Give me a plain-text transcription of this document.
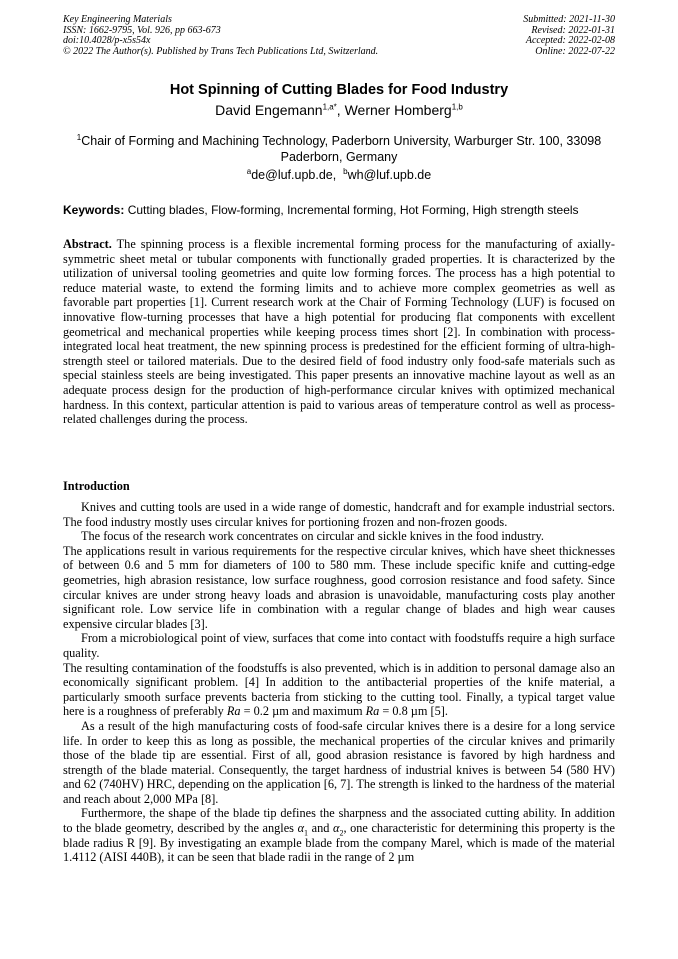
Key Engineering Materials
ISSN: 1662-9795, Vol. 926, pp 663-673
doi:10.4028/p-x5s54x
© 2022 The Author(s). Published by Trans Tech Publications Ltd, Switzerland.
Submitted: 2021-11-30
Revised: 2022-01-31
Accepted: 2022-02-08
Online: 2022-07-22
Hot Spinning of Cutting Blades for Food Industry
David Engemann$^{1,a*}$, Werner Homberg$^{1,b}$
$^1$Chair of Forming and Machining Technology, Paderborn University, Warburger Str. 100, 33098 Paderborn, Germany
$^a$de@luf.upb.de, $^b$wh@luf.upb.de
Keywords: Cutting blades, Flow-forming, Incremental forming, Hot Forming, High strength steels

Abstract. The spinning process is a flexible incremental forming process for the manufacturing of axially-symmetric sheet metal or tubular components with functionally graded properties. It is characterized by the utilization of universal tooling geometries and quite low forming forces. The process has a high potential to reduce material waste, to extend the forming limits and to achieve more complex geometries as well as favorable part properties [1]. Current research work at the Chair of Forming Technology (LUF) is focused on innovative flow-turning processes that have a high potential for producing flat components with excellent geometrical and mechanical properties while keeping process times short [2]. In combination with process-integrated local heat treatment, the new spinning process is predestined for the efficient forming of ultra-high-strength steel or tailored materials. Due to the desired field of food industry only food-safe materials such as special stainless steels are being investigated. This paper presents an innovative machine layout as well as an adequate process design for the production of high-performance circular knives with optimized mechanical hardness. In this context, particular attention is paid to various areas of temperature control as well as process-related challenges during the process.

Introduction

Knives and cutting tools are used in a wide range of domestic, handcraft and for example industrial sectors. The food industry mostly uses circular knives for portioning frozen and non-frozen goods.

The focus of the research work concentrates on circular and sickle knives in the food industry.

The applications result in various requirements for the respective circular knives, which have sheet thicknesses of between 0.6 and 5 mm for diameters of 100 to 580 mm. These include specific knife and cutting-edge geometries, high abrasion resistance, low surface roughness, good corrosion resistance and food safety. Since circular knives are under strong heavy loads and abrasion is unavoidable, manufacturing costs play another significant role. Low service life in combination with a regular change of blades and high wear causes expensive circular blades [3].

From a microbiological point of view, surfaces that come into contact with foodstuffs require a high surface quality.

The resulting contamination of the foodstuffs is also prevented, which is in addition to personal damage also an economically significant problem. [4] In addition to the antibacterial properties of the knife material, a particularly smooth surface prevents bacteria from sticking to the cutting tool. Finally, a typical target value here is a roughness of preferably Ra = 0.2 µm and maximum Ra = 0.8 µm [5].

As a result of the high manufacturing costs of food-safe circular knives there is a desire for a long service life. In order to keep this as long as possible, the mechanical properties of the circular knives and primarily those of the blade tip are essential. First of all, good abrasion resistance is favored by high hardness and strength of the blade material. Consequently, the target hardness of industrial knives is between 54 (580 HV) and 62 (740HV) HRC, depending on the application [6, 7]. The strength is linked to the hardness of the material and reach about 2,000 MPa [8].

Furthermore, the shape of the blade tip defines the sharpness and the associated cutting ability. In addition to the blade geometry, described by the angles $\alpha_1$ and $\alpha_2$, one characteristic for determining this property is the blade radius R [9]. By investigating an example blade from the company Marel, which is made of the material 1.4112 (AISI 440B), it can be seen that blade radii in the range of 2 µm
